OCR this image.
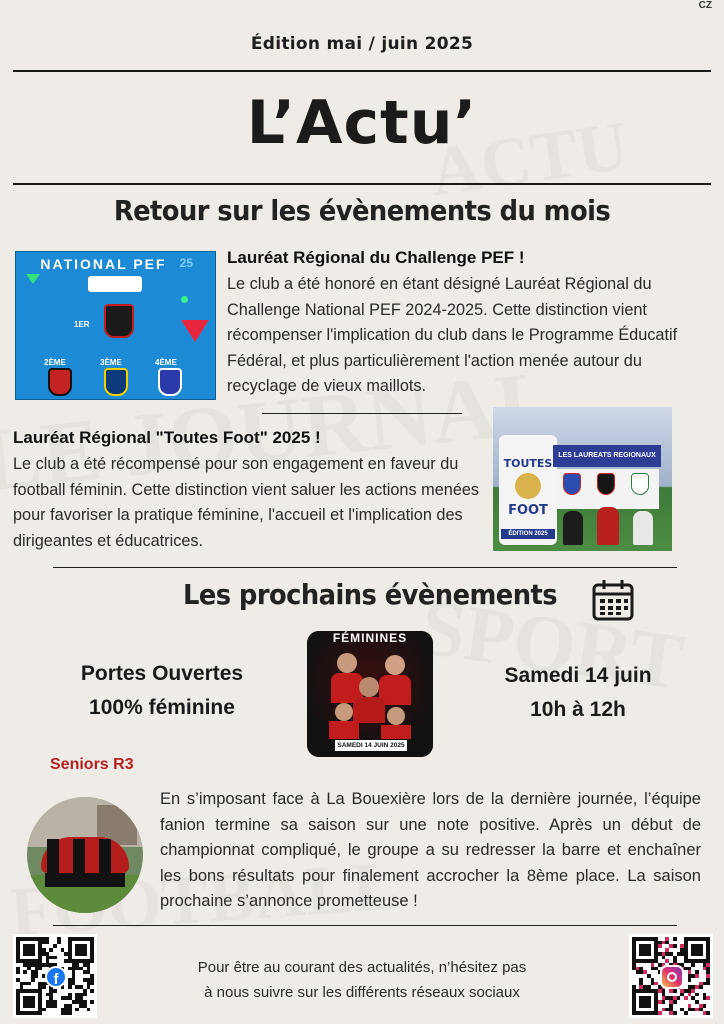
CZ
Édition mai / juin 2025
L’Actu’
Retour sur les évènements du mois
NATIONAL PEF	25
1ER
2ÈME	3ÈME	4ÈME
Lauréat Régional du Challenge PEF !
Le club a été honoré en étant désigné Lauréat Régional du Challenge National PEF 2024-2025. Cette distinction vient récompenser l'implication du club dans le Programme Éducatif Fédéral, et plus particulièrement l'action menée autour du recyclage de vieux maillots.
Lauréat Régional "Toutes Foot" 2025 !
Le club a été récompensé pour son engagement en faveur du football féminin. Cette distinction vient saluer les actions menées pour favoriser la pratique féminine, l'accueil et l'implication des dirigeantes et éducatrices.
TOUTES
FOOT
ÉDITION 2025
LES LAUREATS REGIONAUX
Les prochains évènements
Portes Ouvertes
100% féminine
FÉMININES
SAMEDI 14 JUIN 2025
Samedi 14 juin
10h à 12h
Seniors R3
En s’imposant face à La Bouexière lors de la dernière journée, l’équipe fanion termine sa saison sur une note positive. Après un début de championnat compliqué, le groupe a su redresser la barre et enchaîner les bons résultats pour finalement accrocher la 8ème place. La saison prochaine s’annonce prometteuse !
f
Pour être au courant des actualités, n’hésitez pas
à nous suivre sur les différents réseaux sociaux
